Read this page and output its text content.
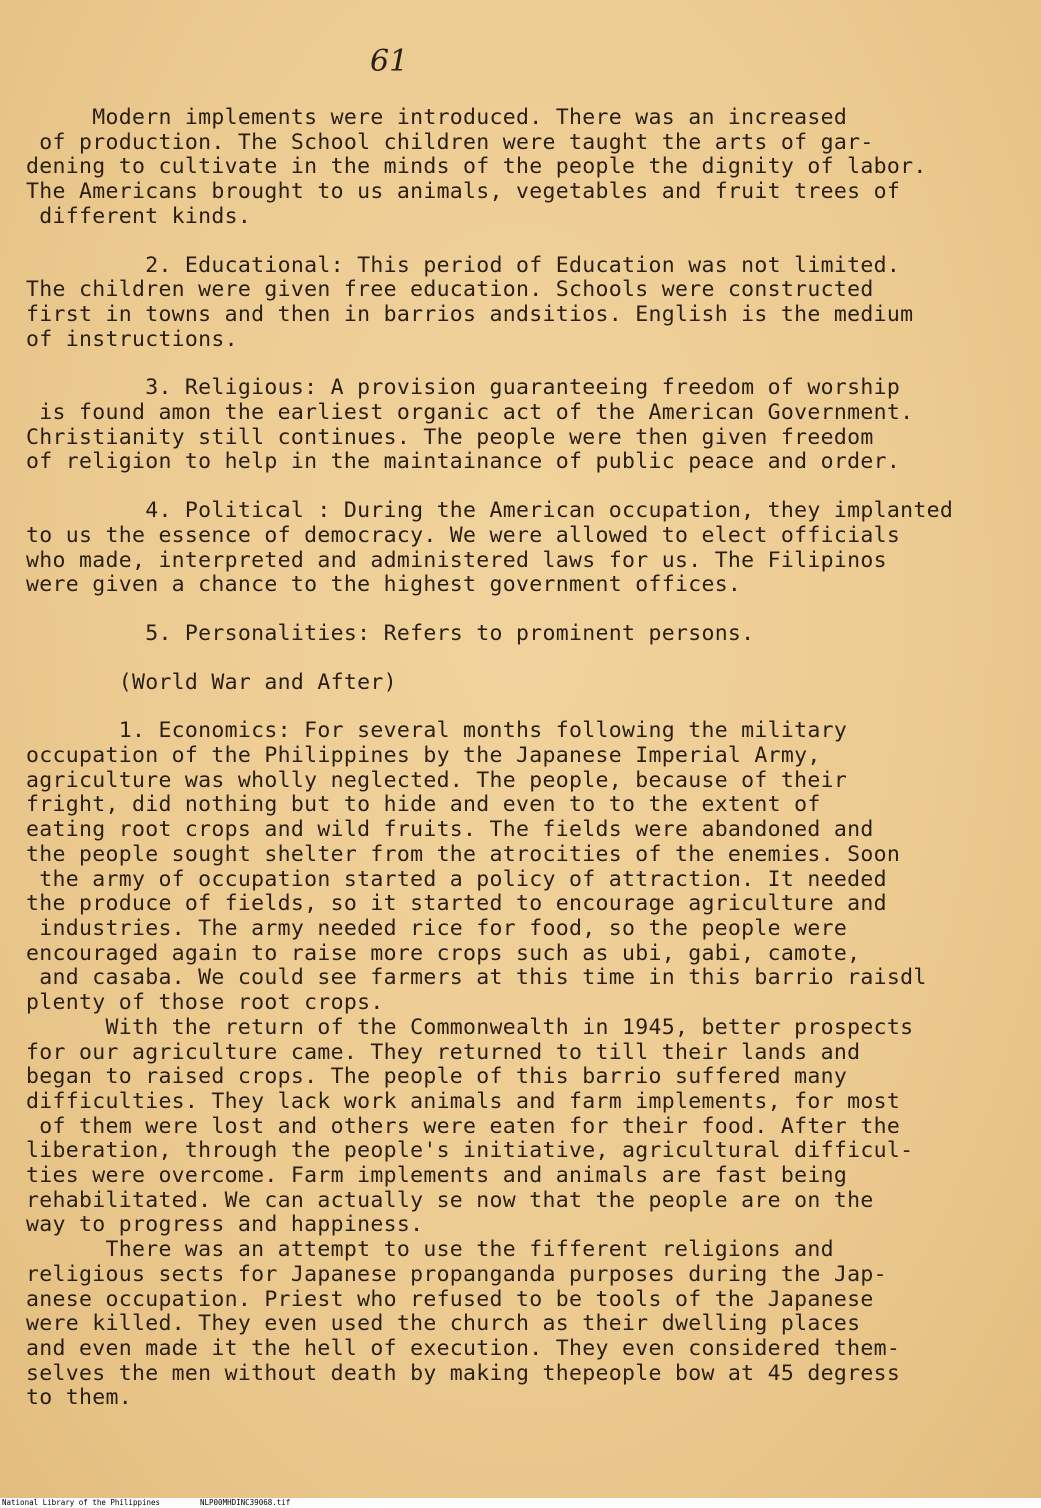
61
Modern implements were introduced. There was an increased
of production. The School children were taught the arts of gar-
dening to cultivate in the minds of the people the dignity of labor.
The Americans brought to us animals, vegetables and fruit trees of
different kinds.
2. Educational: This period of Education was not limited.
The children were given free education. Schools were constructed
first in towns and then in barrios andsitios. English is the medium
of instructions.
3. Religious: A provision guaranteeing freedom of worship
is found amon the earliest organic act of the American Government.
Christianity still continues. The people were then given freedom
of religion to help in the maintainance of public peace and order.
4. Political : During the American occupation, they implanted
to us the essence of democracy. We were allowed to elect officials
who made, interpreted and administered laws for us. The Filipinos
were given a chance to the highest government offices.
5. Personalities: Refers to prominent persons.
(World War and After)
1. Economics: For several months following the military
occupation of the Philippines by the Japanese Imperial Army,
agriculture was wholly neglected. The people, because of their
fright, did nothing but to hide and even to to the extent of
eating root crops and wild fruits. The fields were abandoned and
the people sought shelter from the atrocities of the enemies. Soon
the army of occupation started a policy of attraction. It needed
the produce of fields, so it started to encourage agriculture and
industries. The army needed rice for food, so the people were
encouraged again to raise more crops such as ubi, gabi, camote,
and casaba. We could see farmers at this time in this barrio raisdl
plenty of those root crops.
With the return of the Commonwealth in 1945, better prospects
for our agriculture came. They returned to till their lands and
began to raised crops. The people of this barrio suffered many
difficulties. They lack work animals and farm implements, for most
of them were lost and others were eaten for their food. After the
liberation, through the people's initiative, agricultural difficul-
ties were overcome. Farm implements and animals are fast being
rehabilitated. We can actually se now that the people are on the
way to progress and happiness.
There was an attempt to use the fifferent religions and
religious sects for Japanese propanganda purposes during the Jap-
anese occupation. Priest who refused to be tools of the Japanese
were killed. They even used the church as their dwelling places
and even made it the hell of execution. They even considered them-
selves the men without death by making thepeople bow at 45 degress
to them.
National Library of the Philippines	NLP00MHDINC39068.tif
